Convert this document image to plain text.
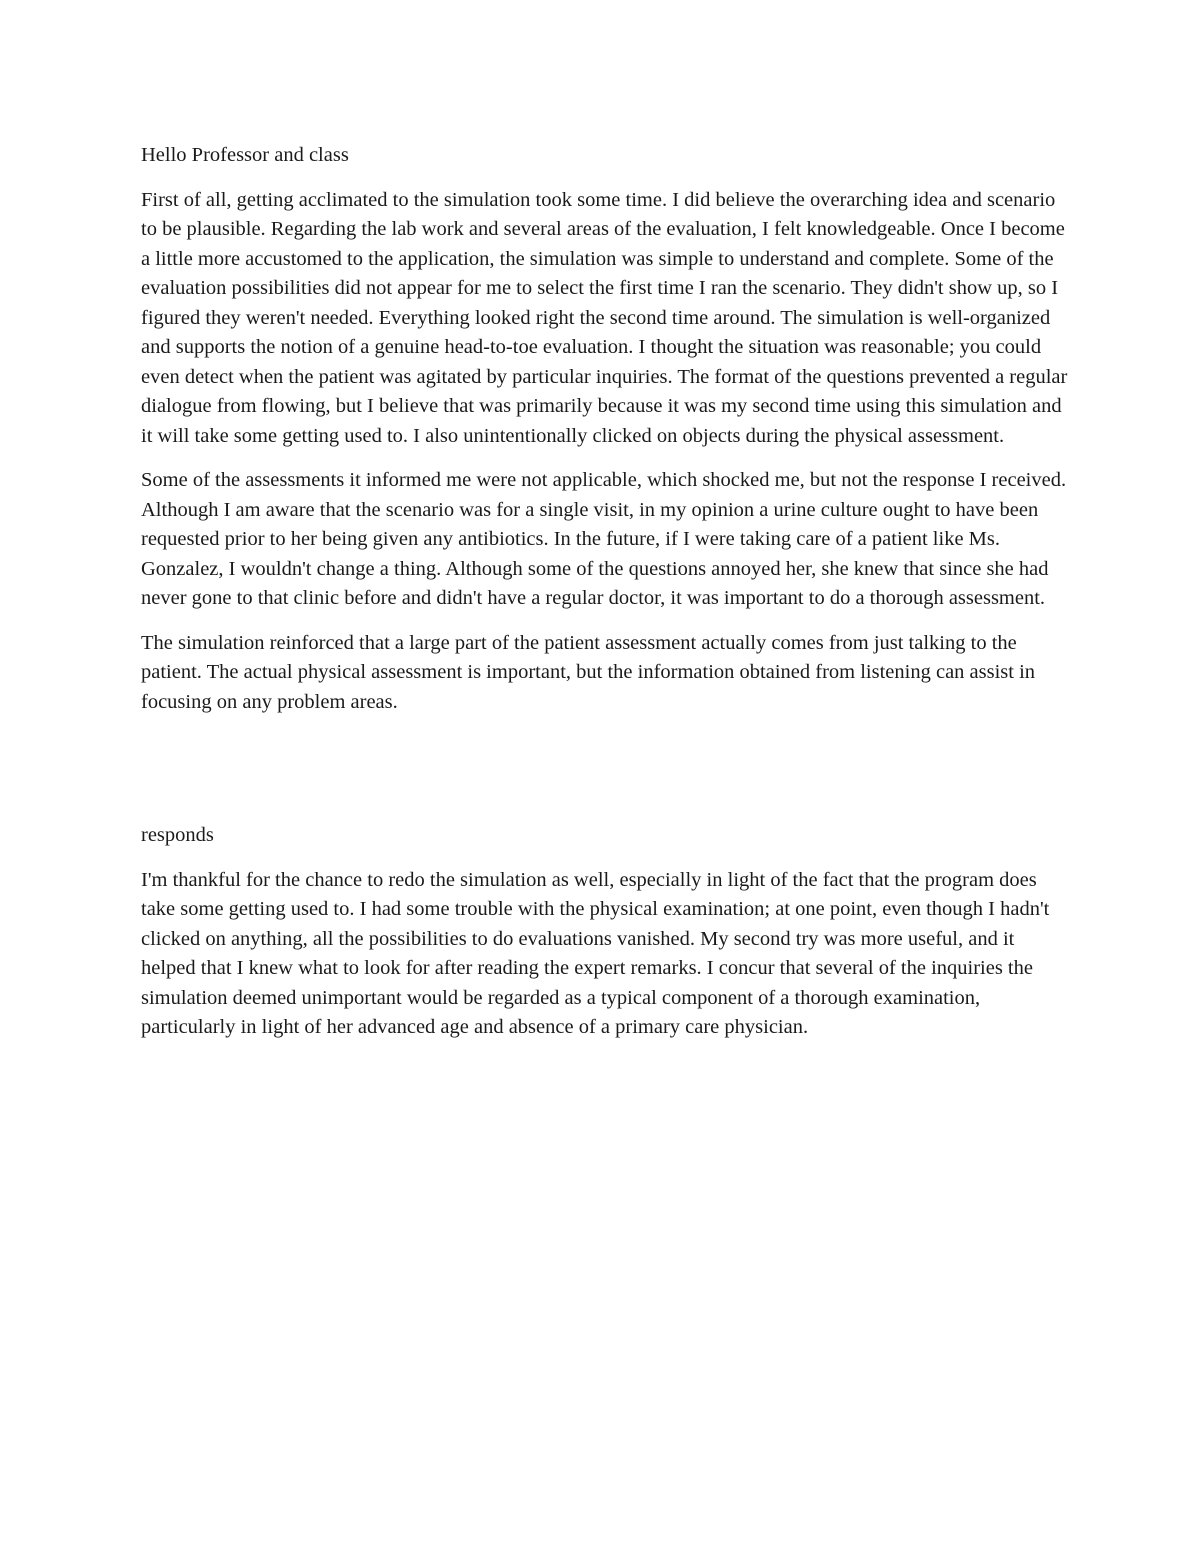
Hello Professor and class

First of all, getting acclimated to the simulation took some time. I did believe the overarching idea and scenario to be plausible. Regarding the lab work and several areas of the evaluation, I felt knowledgeable. Once I become a little more accustomed to the application, the simulation was simple to understand and complete. Some of the evaluation possibilities did not appear for me to select the first time I ran the scenario. They didn't show up, so I figured they weren't needed. Everything looked right the second time around. The simulation is well-organized and supports the notion of a genuine head-to-toe evaluation. I thought the situation was reasonable; you could even detect when the patient was agitated by particular inquiries. The format of the questions prevented a regular dialogue from flowing, but I believe that was primarily because it was my second time using this simulation and it will take some getting used to. I also unintentionally clicked on objects during the physical assessment.

Some of the assessments it informed me were not applicable, which shocked me, but not the response I received. Although I am aware that the scenario was for a single visit, in my opinion a urine culture ought to have been requested prior to her being given any antibiotics. In the future, if I were taking care of a patient like Ms. Gonzalez, I wouldn't change a thing. Although some of the questions annoyed her, she knew that since she had never gone to that clinic before and didn't have a regular doctor, it was important to do a thorough assessment.

The simulation reinforced that a large part of the patient assessment actually comes from just talking to the patient. The actual physical assessment is important, but the information obtained from listening can assist in focusing on any problem areas.

responds

I'm thankful for the chance to redo the simulation as well, especially in light of the fact that the program does take some getting used to. I had some trouble with the physical examination; at one point, even though I hadn't clicked on anything, all the possibilities to do evaluations vanished. My second try was more useful, and it helped that I knew what to look for after reading the expert remarks. I concur that several of the inquiries the simulation deemed unimportant would be regarded as a typical component of a thorough examination, particularly in light of her advanced age and absence of a primary care physician.
